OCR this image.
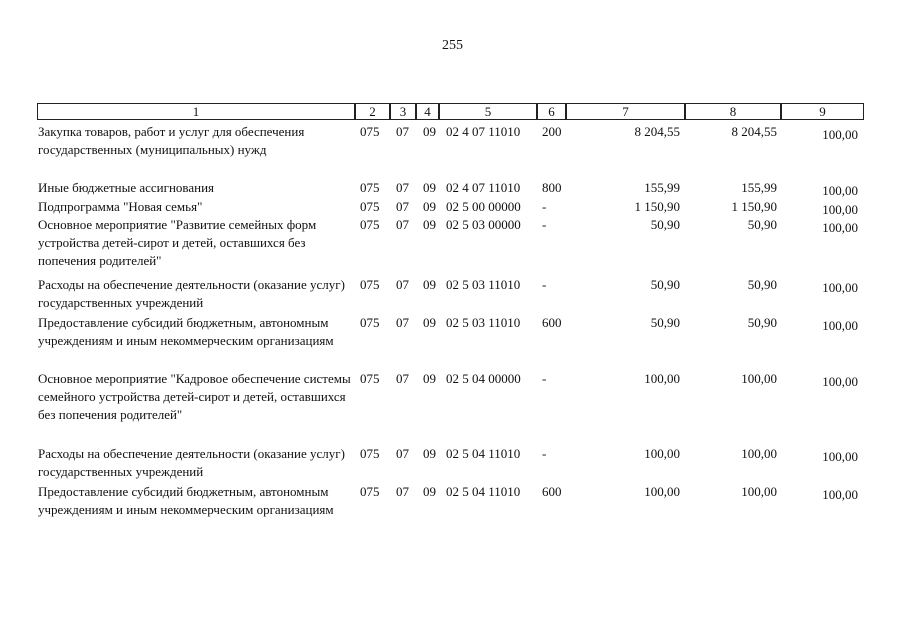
255
1	2	3	4	5	6	7	8	9
Закупка товаров, работ и услуг для обеспечения государственных (муниципальных) нужд
075 07 09 02 4 07 11010 200	8 204,55	8 204,55	100,00
Иные бюджетные ассигнования	075 07 09 02 4 07 11010 800	155,99	155,99	100,00
Подпрограмма "Новая семья"	075 07 09 02 5 00 00000 -	1 150,90	1 150,90	100,00
Основное мероприятие "Развитие семейных форм устройства детей-сирот и детей, оставшихся без попечения родителей"
075 07 09 02 5 03 00000 -	50,90	50,90	100,00
Расходы на обеспечение деятельности (оказание услуг) государственных учреждений
075 07 09 02 5 03 11010 -	50,90	50,90	100,00
Предоставление субсидий бюджетным, автономным учреждениям и иным некоммерческим организациям
075 07 09 02 5 03 11010 600	50,90	50,90	100,00
Основное мероприятие "Кадровое обеспечение системы семейного устройства детей-сирот и детей, оставшихся без попечения родителей"
075 07 09 02 5 04 00000 -	100,00	100,00	100,00
Расходы на обеспечение деятельности (оказание услуг) государственных учреждений
075 07 09 02 5 04 11010 -	100,00	100,00	100,00
Предоставление субсидий бюджетным, автономным учреждениям и иным некоммерческим организациям
075 07 09 02 5 04 11010 600	100,00	100,00	100,00
